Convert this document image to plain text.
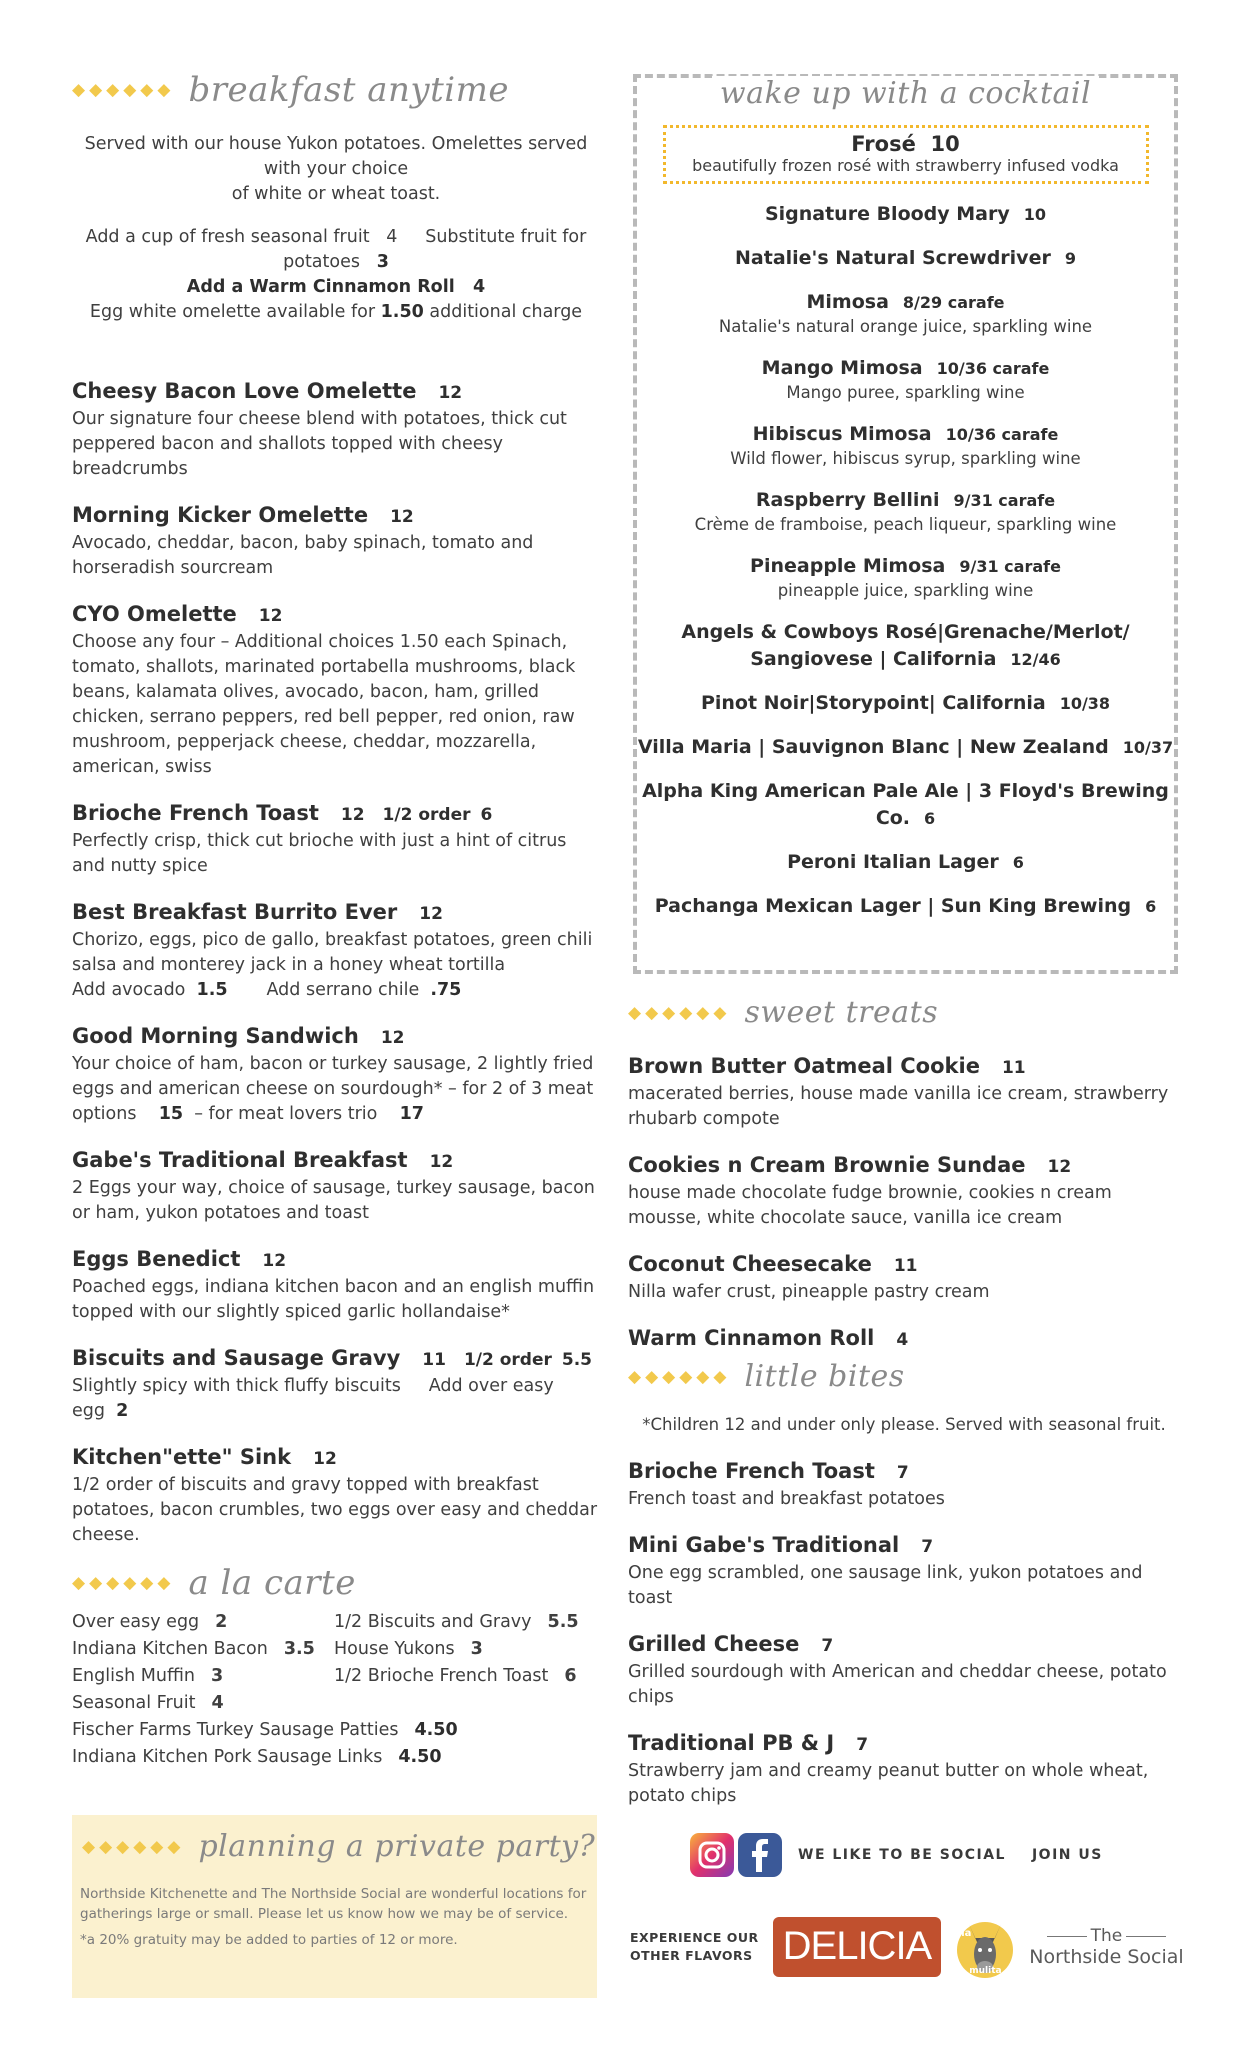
◆◆◆◆◆◆ breakfast anytime

Served with our house Yukon potatoes. Omelettes served with your choice

of white or wheat toast.

Add a cup of fresh seasonal fruit 4 Substitute fruit for potatoes 3

Add a Warm Cinnamon Roll 4

Egg white omelette available for 1.50 additional charge

Cheesy Bacon Love Omelette 12
Our signature four cheese blend with potatoes, thick cut peppered bacon and shallots topped with cheesy breadcrumbs
Morning Kicker Omelette 12
Avocado, cheddar, bacon, baby spinach, tomato and horseradish sourcream
CYO Omelette 12
Choose any four – Additional choices 1.50 each Spinach, tomato, shallots, marinated portabella mushrooms, black beans, kalamata olives, avocado, bacon, ham, grilled chicken, serrano peppers, red bell pepper, red onion, raw mushroom, pepperjack cheese, cheddar, mozzarella, american, swiss
Brioche French Toast 12 1/2 order 6
Perfectly crisp, thick cut brioche with just a hint of citrus and nutty spice
Best Breakfast Burrito Ever 12
Chorizo, eggs, pico de gallo, breakfast potatoes, green chili salsa and monterey jack in a honey wheat tortilla
Add avocado 1.5 Add serrano chile .75
Good Morning Sandwich 12
Your choice of ham, bacon or turkey sausage, 2 lightly fried eggs and american cheese on sourdough* – for 2 of 3 meat options 15 – for meat lovers trio 17
Gabe's Traditional Breakfast 12
2 Eggs your way, choice of sausage, turkey sausage, bacon or ham, yukon potatoes and toast
Eggs Benedict 12
Poached eggs, indiana kitchen bacon and an english muffin topped with our slightly spiced garlic hollandaise*
Biscuits and Sausage Gravy 11 1/2 order 5.5
Slightly spicy with thick fluffy biscuits Add over easy egg 2
Kitchen"ette" Sink 12
1/2 order of biscuits and gravy topped with breakfast potatoes, bacon crumbles, two eggs over easy and cheddar cheese.
◆◆◆◆◆◆ a la carte
Over easy egg 2
Indiana Kitchen Bacon 3.5
English Muffin 3
Seasonal Fruit 4
1/2 Biscuits and Gravy 5.5
House Yukons 3
1/2 Brioche French Toast 6
Fischer Farms Turkey Sausage Patties 4.50
Indiana Kitchen Pork Sausage Links 4.50
◆◆◆◆◆◆ planning a private party?
Northside Kitchenette and The Northside Social are wonderful locations for gatherings large or small. Please let us know how we may be of service.
*a 20% gratuity may be added to parties of 12 or more.
wake up with a cocktail
Frosé 10
beautifully frozen rosé with strawberry infused vodka
Signature Bloody Mary 10
Natalie's Natural Screwdriver 9
Mimosa 8/29 carafe
Natalie's natural orange juice, sparkling wine
Mango Mimosa 10/36 carafe
Mango puree, sparkling wine
Hibiscus Mimosa 10/36 carafe
Wild flower, hibiscus syrup, sparkling wine
Raspberry Bellini 9/31 carafe
Crème de framboise, peach liqueur, sparkling wine
Pineapple Mimosa 9/31 carafe
pineapple juice, sparkling wine
Angels & Cowboys Rosé|Grenache/Merlot/ Sangiovese | California 12/46
Pinot Noir|Storypoint| California 10/38
Villa Maria | Sauvignon Blanc | New Zealand 10/37
Alpha King American Pale Ale | 3 Floyd's Brewing Co. 6
Peroni Italian Lager 6
Pachanga Mexican Lager | Sun King Brewing 6
◆◆◆◆◆◆ sweet treats
Brown Butter Oatmeal Cookie 11
macerated berries, house made vanilla ice cream, strawberry rhubarb compote
Cookies n Cream Brownie Sundae 12
house made chocolate fudge brownie, cookies n cream mousse, white chocolate sauce, vanilla ice cream
Coconut Cheesecake 11
Nilla wafer crust, pineapple pastry cream
Warm Cinnamon Roll 4
◆◆◆◆◆◆ little bites
*Children 12 and under only please. Served with seasonal fruit.
Brioche French Toast 7
French toast and breakfast potatoes
Mini Gabe's Traditional 7
One egg scrambled, one sausage link, yukon potatoes and toast
Grilled Cheese 7
Grilled sourdough with American and cheddar cheese, potato chips
Traditional PB & J 7
Strawberry jam and creamy peanut butter on whole wheat, potato chips
WE LIKE TO BE SOCIAL JOIN US
EXPERIENCE OUR
OTHER FLAVORS DELICIA	la
mulita
The
Northside Social
